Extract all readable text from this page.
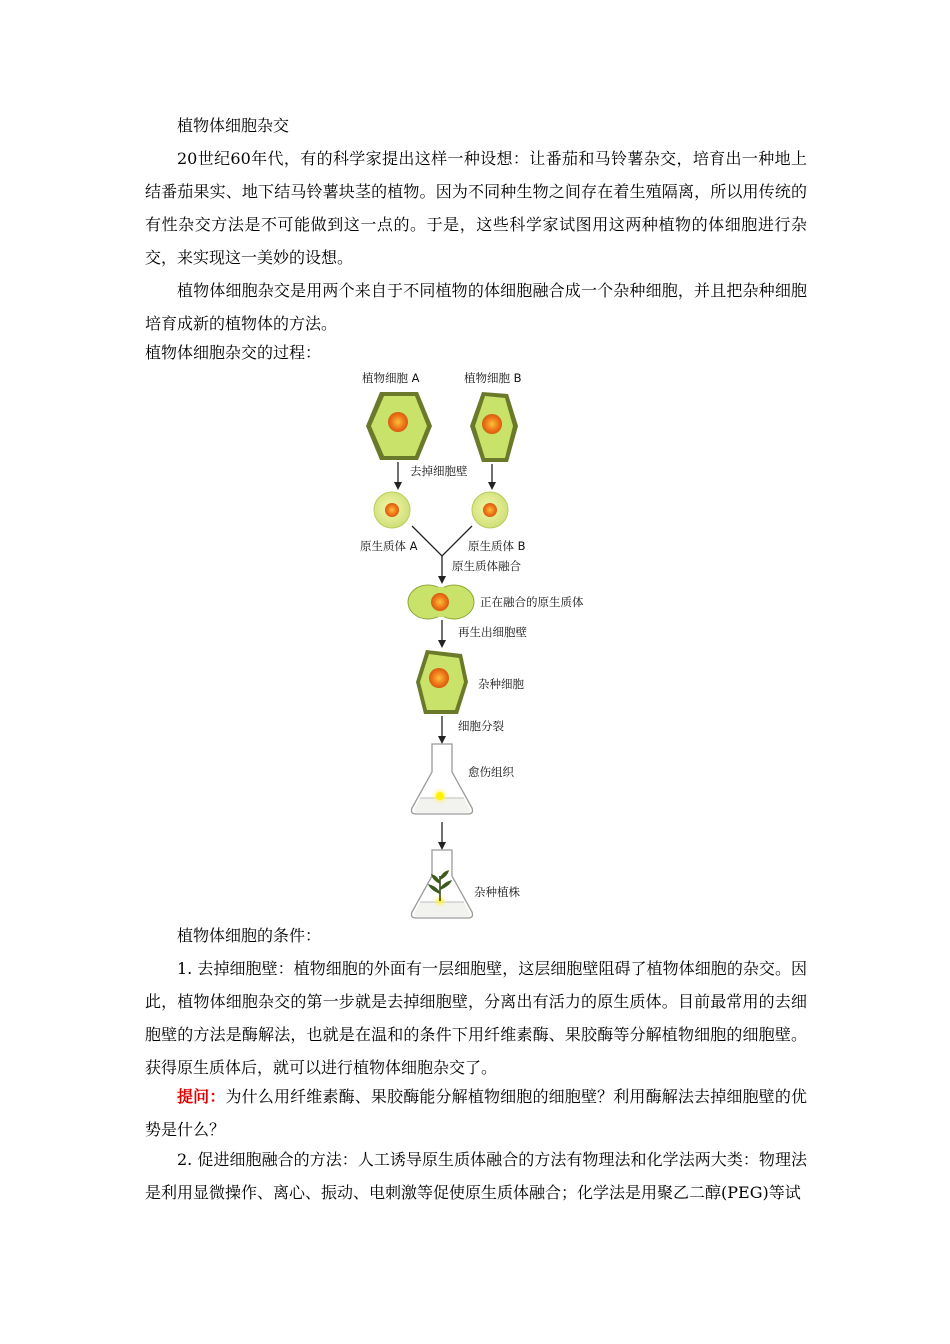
植物体细胞杂交

20世纪60年代，有的科学家提出这样一种设想：让番茄和马铃薯杂交，培育出一种地上结番茄果实、地下结马铃薯块茎的植物。因为不同种生物之间存在着生殖隔离，所以用传统的有性杂交方法是不可能做到这一点的。于是，这些科学家试图用这两种植物的体细胞进行杂交，来实现这一美妙的设想。

植物体细胞杂交是用两个来自于不同植物的体细胞融合成一个杂种细胞，并且把杂种细胞培育成新的植物体的方法。

植物体细胞杂交的过程：

植物细胞 A	植物细胞 B
去掉细胞壁
原生质体 A	原生质体 B
原生质体融合
正在融合的原生质体
再生出细胞壁
杂种细胞
细胞分裂
愈伤组织
杂种植株

植物体细胞的条件：

1. 去掉细胞壁：植物细胞的外面有一层细胞壁，这层细胞壁阻碍了植物体细胞的杂交。因此，植物体细胞杂交的第一步就是去掉细胞壁，分离出有活力的原生质体。目前最常用的去细胞壁的方法是酶解法，也就是在温和的条件下用纤维素酶、果胶酶等分解植物细胞的细胞壁。获得原生质体后，就可以进行植物体细胞杂交了。

提问：为什么用纤维素酶、果胶酶能分解植物细胞的细胞壁？利用酶解法去掉细胞壁的优势是什么？

2. 促进细胞融合的方法：人工诱导原生质体融合的方法有物理法和化学法两大类：物理法是利用显微操作、离心、振动、电刺激等促使原生质体融合；化学法是用聚乙二醇(PEG)等试
